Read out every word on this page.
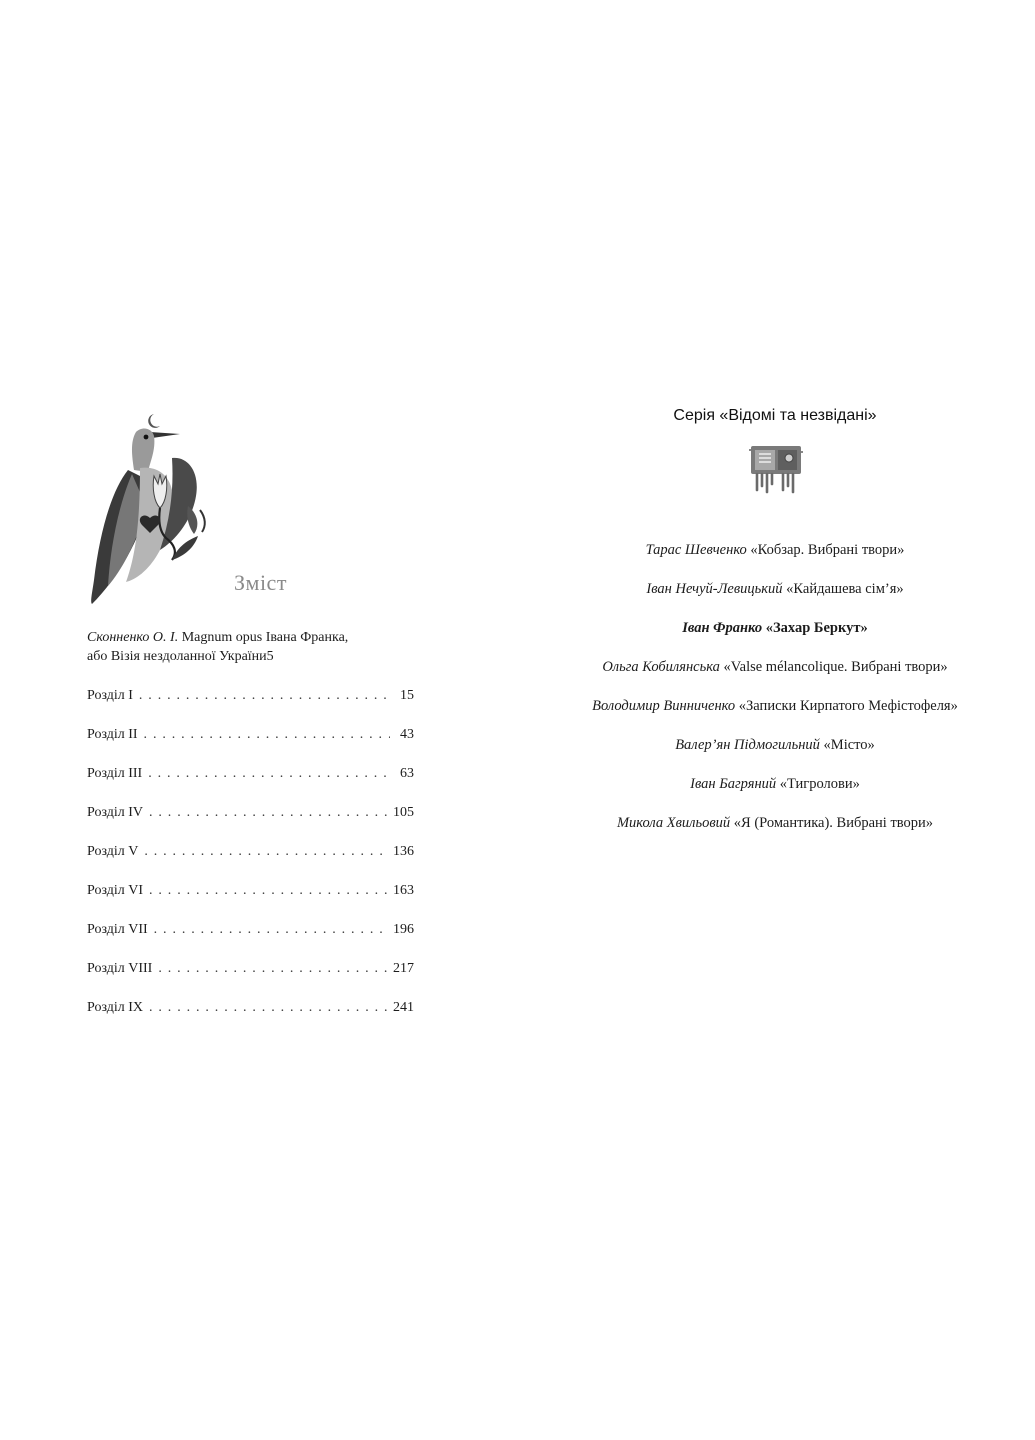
Зміст
Сконненко О. І. Magnum opus Івана Франка,
або Візія нездоланної України 5
Розділ I . . .	15
Розділ II . . .	43
Розділ III . . .	63
Розділ IV . . .	105
Розділ V . . .	136
Розділ VI . . .	163
Розділ VII . . .	196
Розділ VIII . . .	217
Розділ IX . . .	241
Серія «Відомі та незвідані»
Тарас Шевченко «Кобзар. Вибрані твори»
Іван Нечуй-Левицький «Кайдашева сім’я»
Іван Франко «Захар Беркут»
Ольга Кобилянська «Valse mélancolique. Вибрані твори»
Володимир Винниченко «Записки Кирпатого Мефістофеля»
Валер’ян Підмогильний «Місто»
Іван Багряний «Тигролови»
Микола Хвильовий «Я (Романтика). Вибрані твори»
